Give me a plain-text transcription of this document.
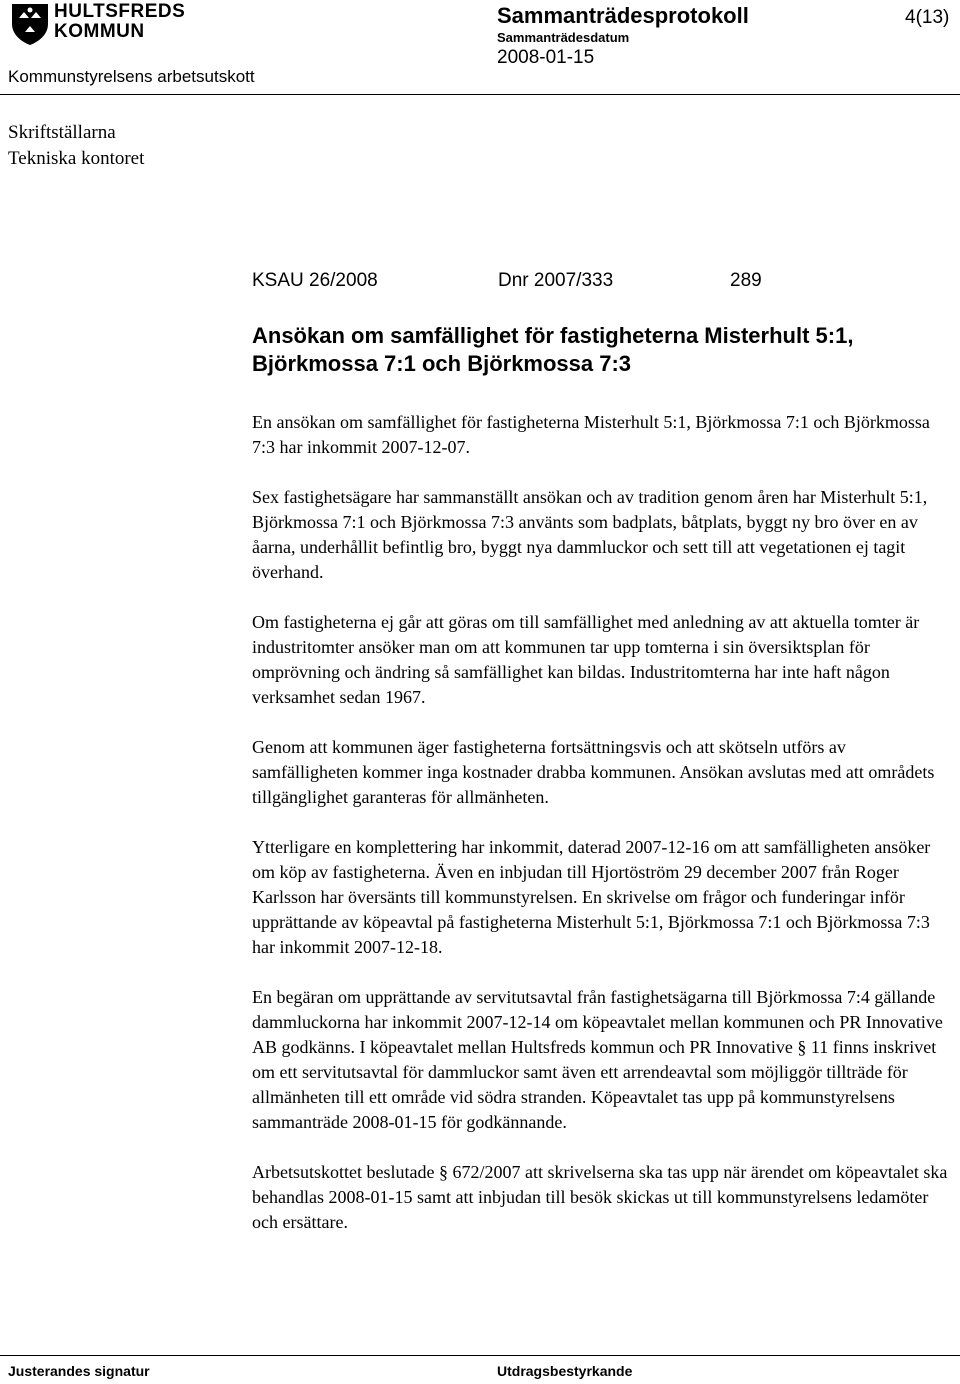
HULTSFREDS
KOMMUN
Sammanträdesprotokoll
Sammanträdesdatum
2008-01-15
4(13)
Kommunstyrelsens arbetsutskott
Skriftställarna
Tekniska kontoret
KSAU 26/2008	Dnr 2007/333	289
Ansökan om samfällighet för fastigheterna Misterhult 5:1, Björkmossa 7:1 och Björkmossa 7:3

En ansökan om samfällighet för fastigheterna Misterhult 5:1, Björkmossa 7:1 och Björkmossa 7:3 har inkommit 2007-12-07.

Sex fastighetsägare har sammanställt ansökan och av tradition genom åren har Misterhult 5:1, Björkmossa 7:1 och Björkmossa 7:3 använts som badplats, båtplats, byggt ny bro över en av åarna, underhållit befintlig bro, byggt nya dammluckor och sett till att vegetationen ej tagit överhand.

Om fastigheterna ej går att göras om till samfällighet med anledning av att aktuella tomter är industritomter ansöker man om att kommunen tar upp tomterna i sin översiktsplan för omprövning och ändring så samfällighet kan bildas. Industritomterna har inte haft någon verksamhet sedan 1967.

Genom att kommunen äger fastigheterna fortsättningsvis och att skötseln utförs av samfälligheten kommer inga kostnader drabba kommunen. Ansökan avslutas med att områdets tillgänglighet garanteras för allmänheten.

Ytterligare en komplettering har inkommit, daterad 2007-12-16 om att samfälligheten ansöker om köp av fastigheterna. Även en inbjudan till Hjortöström 29 december 2007 från Roger Karlsson har översänts till kommunstyrelsen. En skrivelse om frågor och funderingar inför upprättande av köpeavtal på fastigheterna Misterhult 5:1, Björkmossa 7:1 och Björkmossa 7:3 har inkommit 2007-12-18.

En begäran om upprättande av servitutsavtal från fastighetsägarna till Björkmossa 7:4 gällande dammluckorna har inkommit 2007-12-14 om köpeavtalet mellan kommunen och PR Innovative AB godkänns. I köpeavtalet mellan Hultsfreds kommun och PR Innovative § 11 finns inskrivet om ett servitutsavtal för dammluckor samt även ett arrendeavtal som möjliggör tillträde för allmänheten till ett område vid södra stranden. Köpeavtalet tas upp på kommunstyrelsens sammanträde 2008-01-15 för godkännande.

Arbetsutskottet beslutade § 672/2007 att skrivelserna ska tas upp när ärendet om köpeavtalet ska behandlas 2008-01-15 samt att inbjudan till besök skickas ut till kommunstyrelsens ledamöter och ersättare.

Justerandes signatur	Utdragsbestyrkande
